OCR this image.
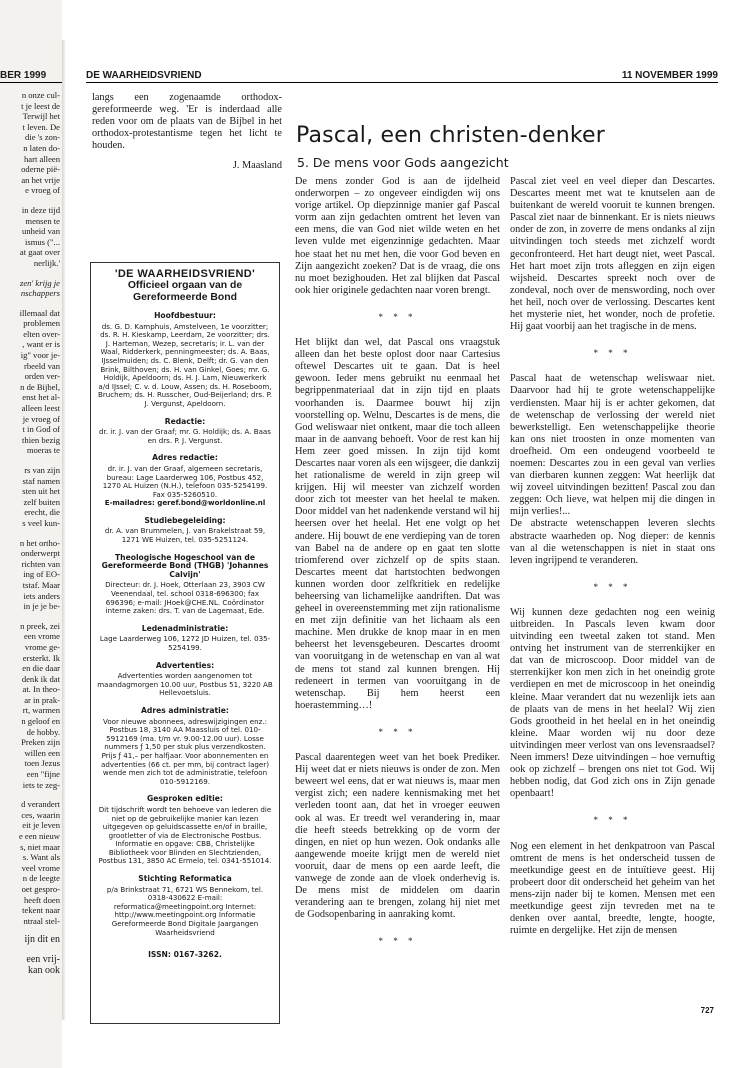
BER 1999

n onze cul-
t je leest de
Terwijl het
t leven. De
die 's zon-
n laten do-
hart alleen
oderne pië-
an het vrije
e vroeg of

in deze tijd
mensen te
unheid van
ismus ("...
at gaat over
nerlijk.'

zen' krijg je
nschappers

illemaal dat
problemen
elten over-
, want er is
ig" voor je-
rbeeld van
orden ver-
n de Bijbel,
enst het al-
alleen leest
je vroeg of
t in God of
thien bezig
moeras te

rs van zijn
staf namen
sten uit het
zelf buiten
erecht, die
s veel kun-

n het ortho-
onderwerpt
richten van
ing of EO-
tstaf. Maar
iets anders
in je je be-

n preek, zei
een vrome
vrome ge-
ersterkt. Ik
en die daar
denk ik dat
at. In theo-
ar in prak-
rt, warmen
n geloof en
de hobby.
Preken zijn
willen een
toen Jezus
een "fijne
iets te zeg-

d verandert
ces, waarin
eit je leven
e een nieuw
s, niet maar
s. Want als
veel vrome
n de leegte
oet gespro-
heeft doen
tekent naar
ntraal stel-

ijn dit en

een vrij-
kan ook

DE WAARHEIDSVRIEND	11 NOVEMBER 1999

langs een zogenaamde orthodox-gereformeerde weg. 'Er is inderdaad alle reden voor om de plaats van de Bijbel in het orthodox-protestantisme tegen het licht te houden.

J. Maasland

'DE WAARHEIDSVRIEND'
Officieel orgaan van de Gereformeerde Bond
Hoofdbestuur:

ds. G. D. Kamphuis, Amstelveen, 1e voorzitter; ds. R. H. Kieskamp, Leerdam, 2e voorzitter; drs. J. Harteman, Wezep, secretaris; ir. L. van der Waal, Ridderkerk, penningmeester; ds. A. Baas, IJsselmuiden; ds. C. Blenk, Delft; dr. G. van den Brink, Bilthoven; ds. H. van Ginkel, Goes; mr. G. Holdijk, Apeldoorn; ds. H. J. Lam, Nieuwerkerk a/d IJssel; C. v. d. Louw, Assen; ds. H. Roseboom, Bruchem; ds. H. Russcher, Oud-Beijerland; drs. P. J. Vergunst, Apeldoorn.

Redactie:

dr. ir. J. van der Graaf; mr. G. Holdijk; ds. A. Baas en drs. P. J. Vergunst.

Adres redactie:

dr. ir. J. van der Graaf, algemeen secretaris, bureau: Lage Laarderweg 106, Postbus 452, 1270 AL Huizen (N.H.), telefoon 035-5254199. Fax 035-5260510.

E-mailadres: geref.bond@worldonline.nl

Studiebegeleiding:

dr. A. van Brummelen, J. van Brakelstraat 59, 1271 WE Huizen, tel. 035-5251124.

Theologische Hogeschool van de Gereformeerde Bond (THGB) 'Johannes Calvijn'

Directeur: dr. J. Hoek, Otterlaan 23, 3903 CW Veenendaal, tel. school 0318-696300; fax 696396; e-mail: JHoek@CHE.NL. Coördinator interne zaken: drs. T. van de Lagemaat, Ede.

Ledenadministratie:

Lage Laarderweg 106, 1272 JD Huizen, tel. 035-5254199.

Advertenties:

Advertenties worden aangenomen tot maandagmorgen 10.00 uur, Postbus 51, 3220 AB Hellevoetsluis.

Adres administratie:

Voor nieuwe abonnees, adreswijzigingen enz.: Postbus 18, 3140 AA Maassluis of tel. 010-5912169 (ma. t/m vr. 9.00-12.00 uur). Losse nummers ƒ 1,50 per stuk plus verzendkosten. Prijs ƒ 41,– per halfjaar. Voor abonnementen en advertenties (66 ct. per mm, bij contract lager) wende men zich tot de administratie, telefoon 010-5912169.

Gesproken editie:

Dit tijdschrift wordt ten behoeve van lederen die niet op de gebruikelijke manier kan lezen uitgegeven op geluidscassette en/of in braille, grootletter of via de Electronische Postbus. Informatie en opgave: CBB, Christelijke Bibliotheek voor Blinden en Slechtzienden, Postbus 131, 3850 AC Ermelo, tel. 0341-551014.

Stichting Reformatica

p/a Brinkstraat 71, 6721 WS Bennekom, tel. 0318-430622 E-mail: reformatica@meetingpoint.org Internet: http://www.meetingpoint.org Informatie Gereformeerde Bond Digitale Jaargangen Waarheidsvriend

ISSN: 0167-3262.

Pascal, een christen-denker
5. De mens voor Gods aangezicht

De mens zonder God is aan de ijdelheid onderworpen – zo ongeveer eindigden wij ons vorige artikel. Op diepzinnige manier gaf Pascal vorm aan zijn gedachten omtrent het leven van een mens, die van God niet wilde weten en het leven vulde met eigenzinnige gedachten. Maar hoe staat het nu met hen, die voor God beven en Zijn aangezicht zoeken? Dat is de vraag, die ons nu moet bezighouden. Het zal blijken dat Pascal ook hier originele gedachten naar voren brengt.

* * *

Het blijkt dan wel, dat Pascal ons vraagstuk alleen dan het beste oplost door naar Cartesius oftewel Descartes uit te gaan. Dat is heel gewoon. Ieder mens gebruikt nu eenmaal het begrippenmateriaal dat in zijn tijd en plaats voorhanden is. Daarmee bouwt hij zijn voorstelling op. Welnu, Descartes is de mens, die God weliswaar niet ontkent, maar die toch alleen maar in de aanvang behoeft. Voor de rest kan hij Hem zeer goed missen. In zijn tijd komt Descartes naar voren als een wijsgeer, die dankzij het rationalisme de wereld in zijn greep wil krijgen. Hij wil meester van zichzelf worden door zich tot meester van het heelal te maken. Door middel van het nadenkende verstand wil hij heersen over het heelal. Het ene volgt op het andere. Hij bouwt de ene verdieping van de toren van Babel na de andere op en gaat ten slotte triomferend over zichzelf op de spits staan. Descartes meent dat hartstochten bedwongen kunnen worden door zelfkritiek en redelijke beheersing van lichamelijke aandriften. Dat was geheel in overeenstemming met zijn rationalisme en met zijn definitie van het lichaam als een machine. Men drukke de knop maar in en men beheerst het levensgebeuren. Descartes droomt van vooruitgang in de wetenschap en van al wat de mens tot stand zal kunnen brengen. Hij redeneert in termen van vooruitgang in de wetenschap. Bij hem heerst een hoerastemming…!

* * *

Pascal daarentegen weet van het boek Prediker. Hij weet dat er niets nieuws is onder de zon. Men beweert wel eens, dat er wat nieuws is, maar men vergist zich; een nadere kennismaking met het verleden toont aan, dat het in vroeger eeuwen ook al was. Er treedt wel verandering in, maar die heeft steeds betrekking op de vorm der dingen, en niet op hun wezen. Ook ondanks alle aangewende moeite krijgt men de wereld niet vooruit, daar de mens op een aarde leeft, die vanwege de zonde aan de vloek onderhevig is. De mens mist de middelen om daarin verandering aan te brengen, zolang hij niet met de Godsopenbaring in aanraking komt.

* * *

Pascal ziet veel en veel dieper dan Descartes. Descartes meent met wat te knutselen aan de buitenkant de wereld vooruit te kunnen brengen. Pascal ziet naar de binnenkant. Er is niets nieuws onder de zon, in zoverre de mens ondanks al zijn uitvindingen toch steeds met zichzelf wordt geconfronteerd. Het hart deugt niet, weet Pascal. Het hart moet zijn trots afleggen en zijn eigen wijsheid. Descartes spreekt noch over de zondeval, noch over de menswording, noch over het heil, noch over de verlossing. Descartes kent het mysterie niet, het wonder, noch de profetie. Hij gaat voorbij aan het tragische in de mens.

* * *

Pascal haat de wetenschap weliswaar niet. Daarvoor had hij te grote wetenschappelijke verdiensten. Maar hij is er achter gekomen, dat de wetenschap de verlossing der wereld niet bewerkstelligt. Een wetenschappelijke theorie kan ons niet troosten in onze momenten van droefheid. Om een ondeugend voorbeeld te noemen: Descartes zou in een geval van verlies van dierbaren kunnen zeggen: Wat heerlijk dat wij zoveel uitvindingen bezitten! Pascal zou dan zeggen: Och lieve, wat helpen mij die dingen in mijn verlies!...
De abstracte wetenschappen leveren slechts abstracte waarheden op. Nog dieper: de kennis van al die wetenschappen is niet in staat ons leven ingrijpend te veranderen.

* * *

Wij kunnen deze gedachten nog een weinig uitbreiden. In Pascals leven kwam door uitvinding een tweetal zaken tot stand. Men ontving het instrument van de sterrenkijker en dat van de microscoop. Door middel van de sterrenkijker kon men zich in het oneindig grote verdiepen en met de microscoop in het oneindig kleine. Maar verandert dat nu wezenlijk iets aan de plaats van de mens in het heelal? Wij zien Gods grootheid in het heelal en in het oneindig kleine. Maar worden wij nu door deze uitvindingen meer verlost van ons levensraadsel? Neen immers! Deze uitvindingen – hoe vernuftig ook op zichzelf – brengen ons niet tot God. Wij hebben nodig, dat God zich ons in Zijn genade openbaart!

* * *

Nog een element in het denkpatroon van Pascal omtrent de mens is het onderscheid tussen de meetkundige geest en de intuïtieve geest. Hij probeert door dit onderscheid het geheim van het mens-zijn nader bij te komen. Mensen met een meetkundige geest zijn tevreden met na te denken over aantal, breedte, lengte, hoogte, ruimte en dergelijke. Het zijn de mensen

727
